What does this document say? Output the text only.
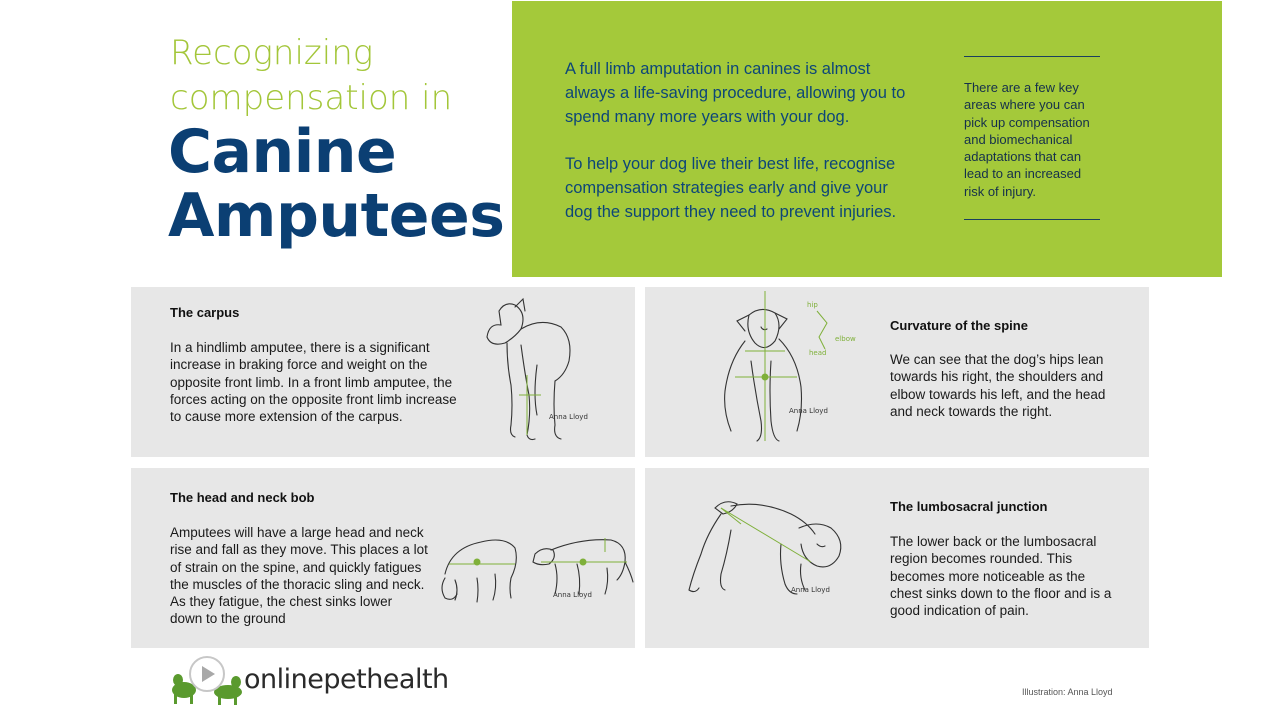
Recognizing
compensation in
Canine
Amputees

A full limb amputation in canines is almost always a life-saving procedure, allowing you to spend many more years with your dog.

To help your dog live their best life, recognise compensation strategies early and give your dog the support they need to prevent injuries.

There are a few key areas where you can pick up compensation and biomechanical adaptations that can lead to an increased risk of injury.

The carpus

In a hindlimb amputee, there is a significant increase in braking force and weight on the opposite front limb. In a front limb amputee, the forces acting on the opposite front limb increase to cause more extension of the carpus.	Anna Lloyd
hip
elbow
head
Anna Lloyd
Curvature of the spine

We can see that the dog’s hips lean towards his right, the shoulders and elbow towards his left, and the head and neck towards the right.

The head and neck bob

Amputees will have a large head and neck rise and fall as they move. This places a lot of strain on the spine, and quickly fatigues the muscles of the thoracic sling and neck. As they fatigue, the chest sinks lower down to the ground

Anna Lloyd
Anna Lloyd
The lumbosacral junction

The lower back or the lumbosacral region becomes rounded. This becomes more noticeable as the chest sinks down to the floor and is a good indication of pain.

onlinepethealth	Illustration: Anna Lloyd
